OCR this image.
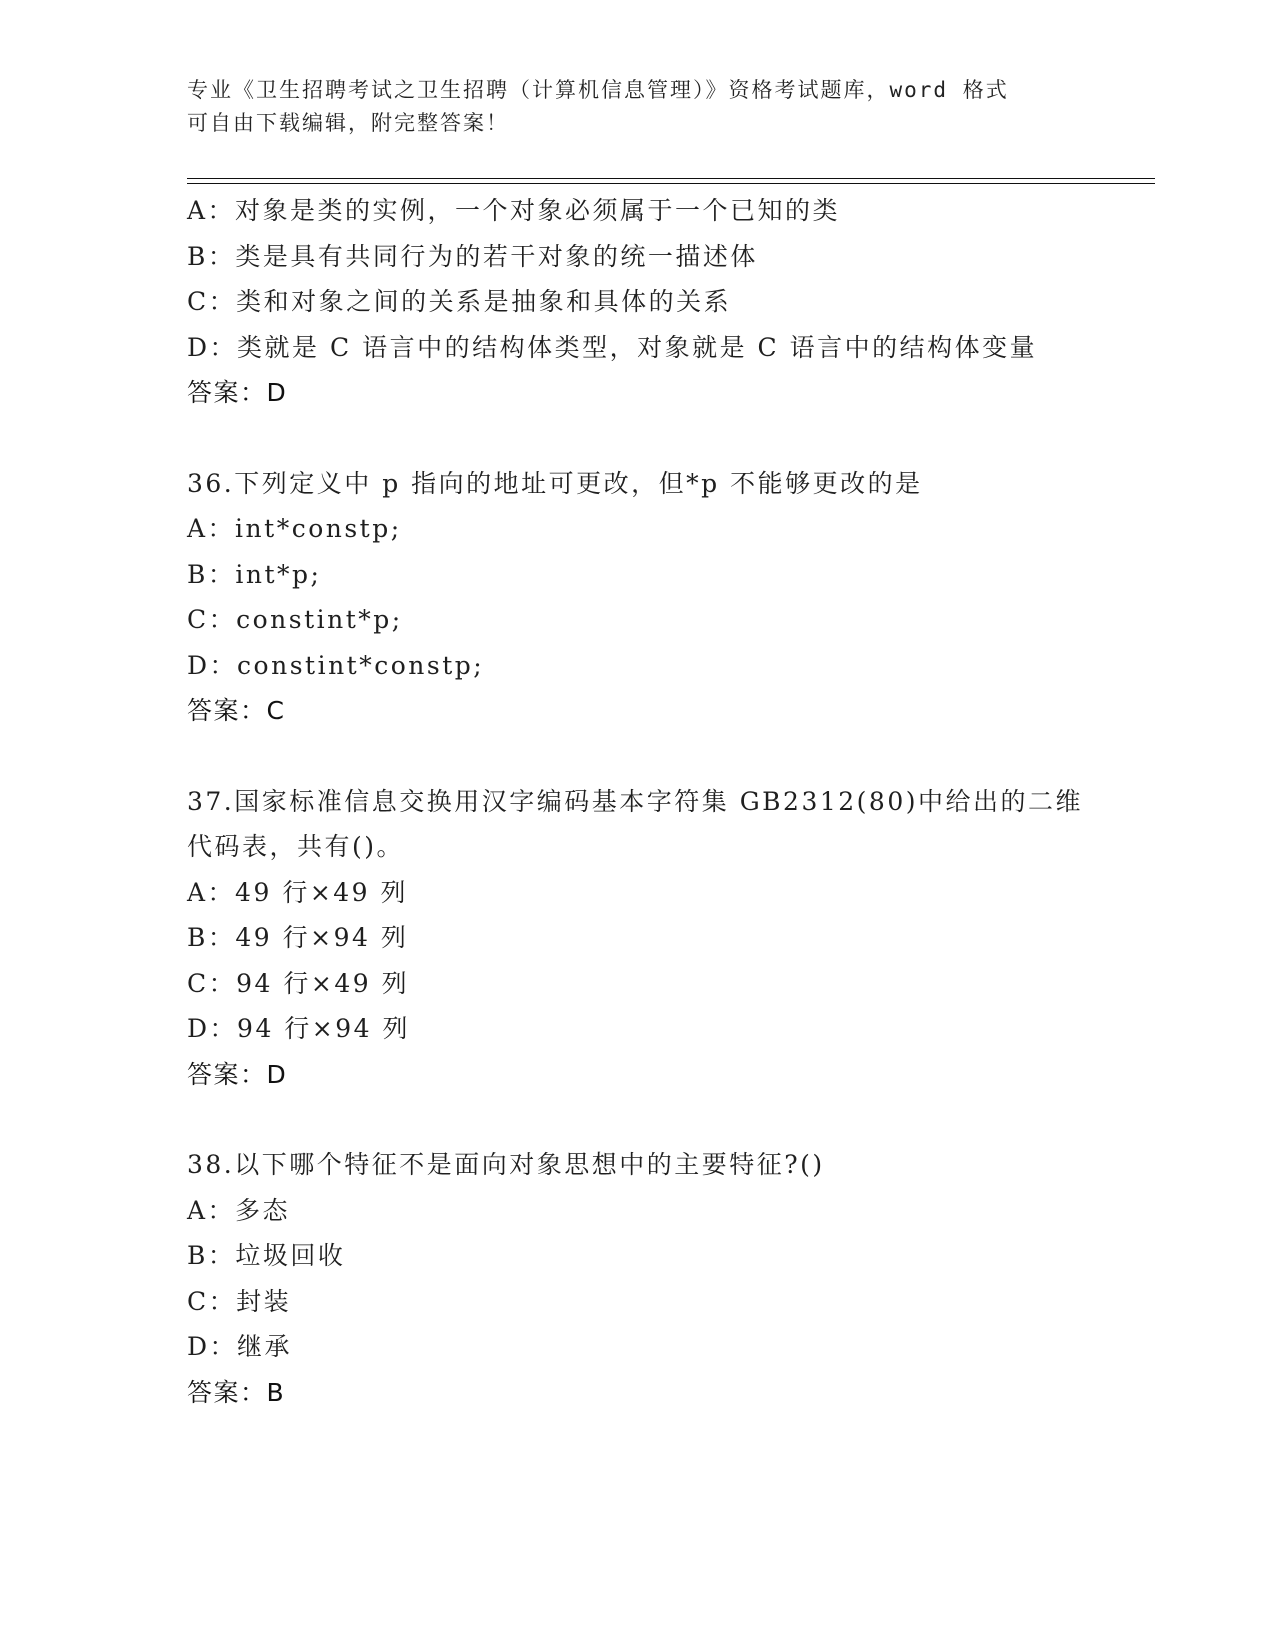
专业《卫生招聘考试之卫生招聘（计算机信息管理）》资格考试题库，word 格式
可自由下载编辑，附完整答案！
A：对象是类的实例，一个对象必须属于一个已知的类
B：类是具有共同行为的若干对象的统一描述体
C：类和对象之间的关系是抽象和具体的关系
D：类就是 C 语言中的结构体类型，对象就是 C 语言中的结构体变量
答案：D
36.下列定义中 p 指向的地址可更改，但*p 不能够更改的是
A：int*constp;
B：int*p;
C：constint*p;
D：constint*constp;
答案：C
37.国家标准信息交换用汉字编码基本字符集 GB2312(80)中给出的二维
代码表，共有()。
A：49 行×49 列
B：49 行×94 列
C：94 行×49 列
D：94 行×94 列
答案：D
38.以下哪个特征不是面向对象思想中的主要特征?()
A：多态
B：垃圾回收
C：封装
D：继承
答案：B
